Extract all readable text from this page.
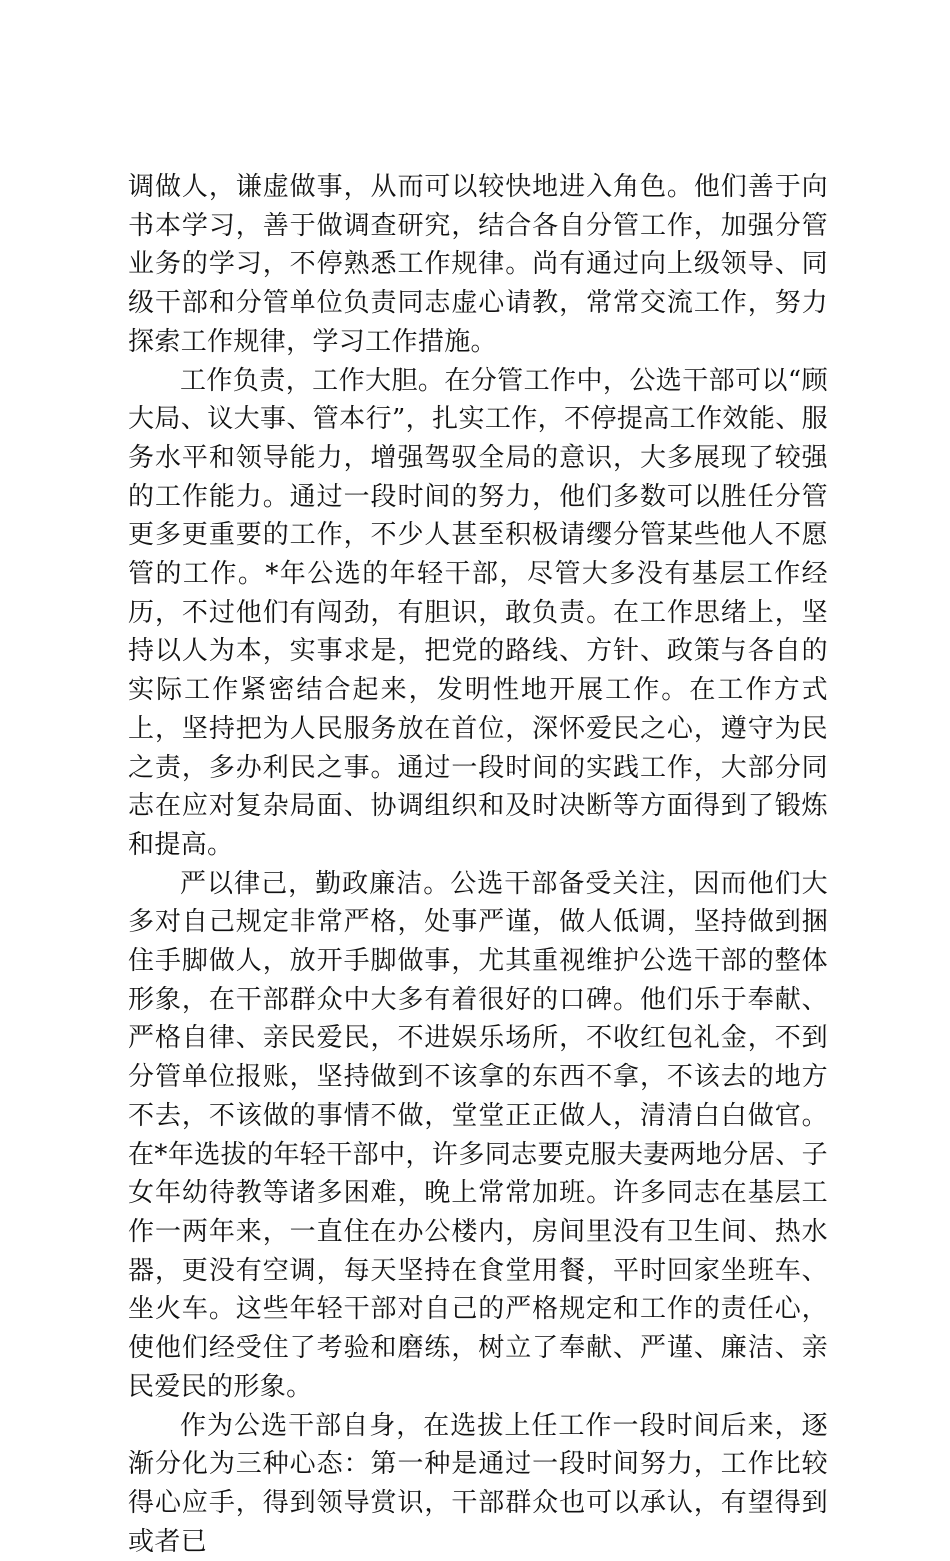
调做人，谦虚做事，从而可以较快地进入角色。他们善于向书本学习，善于做调查研究，结合各自分管工作，加强分管业务的学习，不停熟悉工作规律。尚有通过向上级领导、同级干部和分管单位负责同志虚心请教，常常交流工作，努力探索工作规律，学习工作措施。

工作负责，工作大胆。在分管工作中，公选干部可以“顾大局、议大事、管本行”，扎实工作，不停提高工作效能、服务水平和领导能力，增强驾驭全局的意识，大多展现了较强的工作能力。通过一段时间的努力，他们多数可以胜任分管更多更重要的工作，不少人甚至积极请缨分管某些他人不愿管的工作。*年公选的年轻干部，尽管大多没有基层工作经历，不过他们有闯劲，有胆识，敢负责。在工作思绪上，坚持以人为本，实事求是，把党的路线、方针、政策与各自的实际工作紧密结合起来，发明性地开展工作。在工作方式上，坚持把为人民服务放在首位，深怀爱民之心，遵守为民之责，多办利民之事。通过一段时间的实践工作，大部分同志在应对复杂局面、协调组织和及时决断等方面得到了锻炼和提高。

严以律己，勤政廉洁。公选干部备受关注，因而他们大多对自己规定非常严格，处事严谨，做人低调，坚持做到捆住手脚做人，放开手脚做事，尤其重视维护公选干部的整体形象，在干部群众中大多有着很好的口碑。他们乐于奉献、严格自律、亲民爱民，不进娱乐场所，不收红包礼金，不到分管单位报账，坚持做到不该拿的东西不拿，不该去的地方不去，不该做的事情不做，堂堂正正做人，清清白白做官。在*年选拔的年轻干部中，许多同志要克服夫妻两地分居、子女年幼待教等诸多困难，晚上常常加班。许多同志在基层工作一两年来，一直住在办公楼内，房间里没有卫生间、热水器，更没有空调，每天坚持在食堂用餐，平时回家坐班车、坐火车。这些年轻干部对自己的严格规定和工作的责任心，使他们经受住了考验和磨练，树立了奉献、严谨、廉洁、亲民爱民的形象。

作为公选干部自身，在选拔上任工作一段时间后来，逐渐分化为三种心态：第一种是通过一段时间努力，工作比较得心应手，得到领导赏识，干部群众也可以承认，有望得到或者已
